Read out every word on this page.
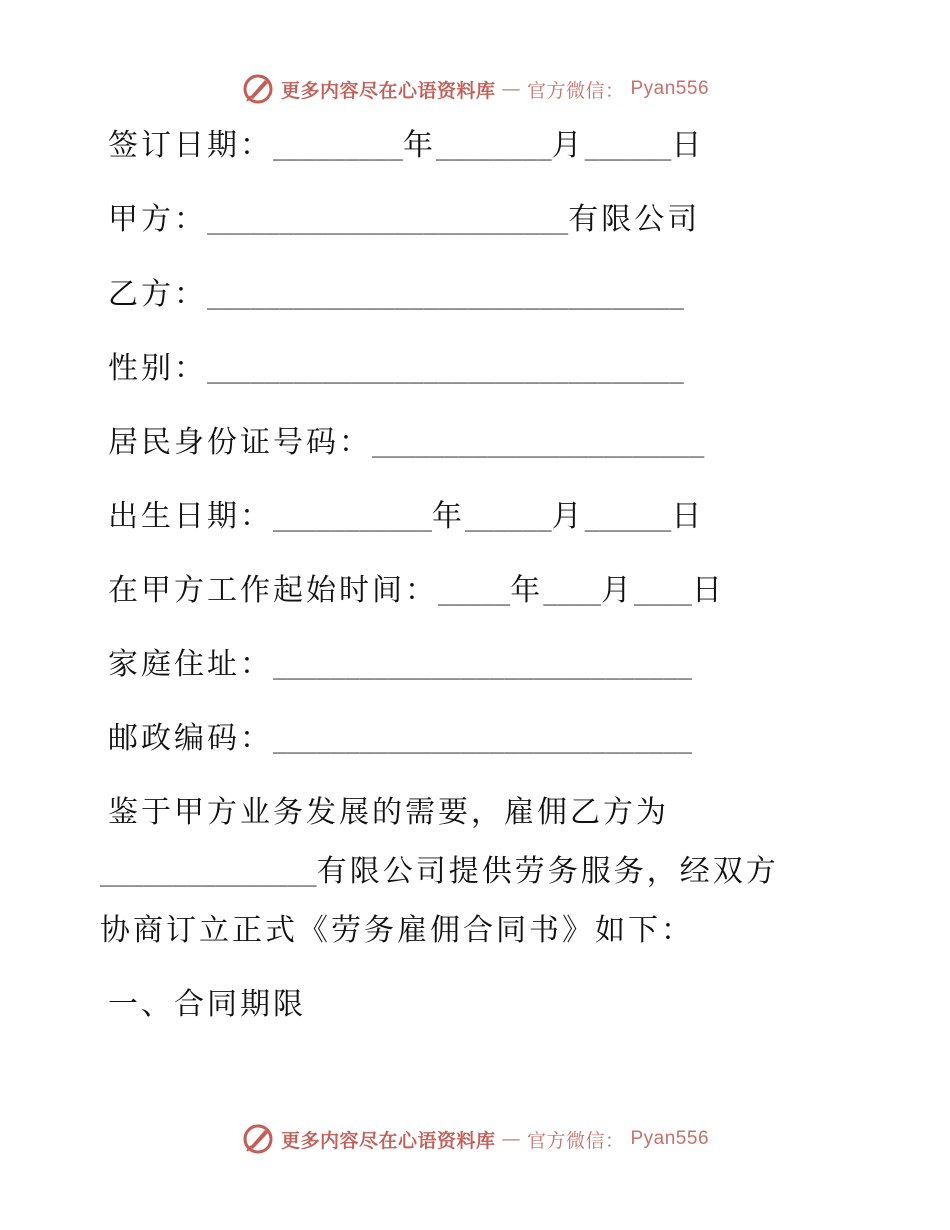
更多内容尽在心语资料库 — 官方微信： Pyan556
签订日期：_________年________月______日
甲方：_________________________有限公司
乙方：_________________________________
性别：_________________________________
居民身份证号码：_______________________
出生日期：___________年______月______日
在甲方工作起始时间：_____年____月____日
家庭住址：_____________________________
邮政编码：_____________________________
鉴于甲方业务发展的需要，雇佣乙方为
_______________有限公司提供劳务服务，经双方
协商订立正式《劳务雇佣合同书》如下：
一、合同期限
更多内容尽在心语资料库 — 官方微信： Pyan556
